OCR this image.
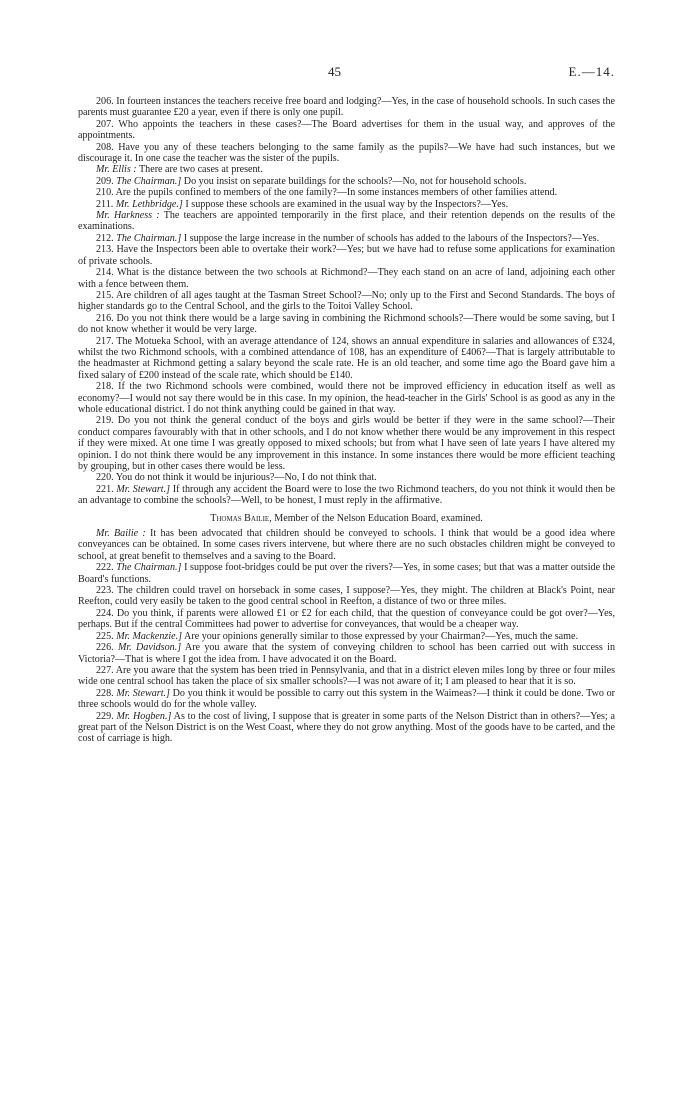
45	E.—14.

206. In fourteen instances the teachers receive free board and lodging?—Yes, in the case of household schools. In such cases the parents must guarantee £20 a year, even if there is only one pupil.

207. Who appoints the teachers in these cases?—The Board advertises for them in the usual way, and approves of the appointments.

208. Have you any of these teachers belonging to the same family as the pupils?—We have had such instances, but we discourage it. In one case the teacher was the sister of the pupils.

Mr. Ellis : There are two cases at present.

209. The Chairman.] Do you insist on separate buildings for the schools?—No, not for household schools.

210. Are the pupils confined to members of the one family?—In some instances members of other families attend.

211. Mr. Lethbridge.] I suppose these schools are examined in the usual way by the Inspectors?—Yes.

Mr. Harkness : The teachers are appointed temporarily in the first place, and their retention depends on the results of the examinations.

212. The Chairman.] I suppose the large increase in the number of schools has added to the labours of the Inspectors?—Yes.

213. Have the Inspectors been able to overtake their work?—Yes; but we have had to refuse some applications for examination of private schools.

214. What is the distance between the two schools at Richmond?—They each stand on an acre of land, adjoining each other with a fence between them.

215. Are children of all ages taught at the Tasman Street School?—No; only up to the First and Second Standards. The boys of higher standards go to the Central School, and the girls to the Toitoi Valley School.

216. Do you not think there would be a large saving in combining the Richmond schools?—There would be some saving, but I do not know whether it would be very large.

217. The Motueka School, with an average attendance of 124, shows an annual expenditure in salaries and allowances of £324, whilst the two Richmond schools, with a combined attendance of 108, has an expenditure of £406?—That is largely attributable to the headmaster at Richmond getting a salary beyond the scale rate. He is an old teacher, and some time ago the Board gave him a fixed salary of £200 instead of the scale rate, which should be £140.

218. If the two Richmond schools were combined, would there not be improved efficiency in education itself as well as economy?—I would not say there would be in this case. In my opinion, the head-teacher in the Girls' School is as good as any in the whole educational district. I do not think anything could be gained in that way.

219. Do you not think the general conduct of the boys and girls would be better if they were in the same school?—Their conduct compares favourably with that in other schools, and I do not know whether there would be any improvement in this respect if they were mixed. At one time I was greatly opposed to mixed schools; but from what I have seen of late years I have altered my opinion. I do not think there would be any improvement in this instance. In some instances there would be more efficient teaching by grouping, but in other cases there would be less.

220. You do not think it would be injurious?—No, I do not think that.

221. Mr. Stewart.] If through any accident the Board were to lose the two Richmond teachers, do you not think it would then be an advantage to combine the schools?—Well, to be honest, I must reply in the affirmative.

Thomas Bailie, Member of the Nelson Education Board, examined.

Mr. Bailie : It has been advocated that children should be conveyed to schools. I think that would be a good idea where conveyances can be obtained. In some cases rivers intervene, but where there are no such obstacles children might be conveyed to school, at great benefit to themselves and a saving to the Board.

222. The Chairman.] I suppose foot-bridges could be put over the rivers?—Yes, in some cases; but that was a matter outside the Board's functions.

223. The children could travel on horseback in some cases, I suppose?—Yes, they might. The children at Black's Point, near Reefton, could very easily be taken to the good central school in Reefton, a distance of two or three miles.

224. Do you think, if parents were allowed £1 or £2 for each child, that the question of conveyance could be got over?—Yes, perhaps. But if the central Committees had power to advertise for conveyances, that would be a cheaper way.

225. Mr. Mackenzie.] Are your opinions generally similar to those expressed by your Chairman?—Yes, much the same.

226. Mr. Davidson.] Are you aware that the system of conveying children to school has been carried out with success in Victoria?—That is where I got the idea from. I have advocated it on the Board.

227. Are you aware that the system has been tried in Pennsylvania, and that in a district eleven miles long by three or four miles wide one central school has taken the place of six smaller schools?—I was not aware of it; I am pleased to hear that it is so.

228. Mr. Stewart.] Do you think it would be possible to carry out this system in the Waimeas?—I think it could be done. Two or three schools would do for the whole valley.

229. Mr. Hogben.] As to the cost of living, I suppose that is greater in some parts of the Nelson District than in others?—Yes; a great part of the Nelson District is on the West Coast, where they do not grow anything. Most of the goods have to be carted, and the cost of carriage is high.
